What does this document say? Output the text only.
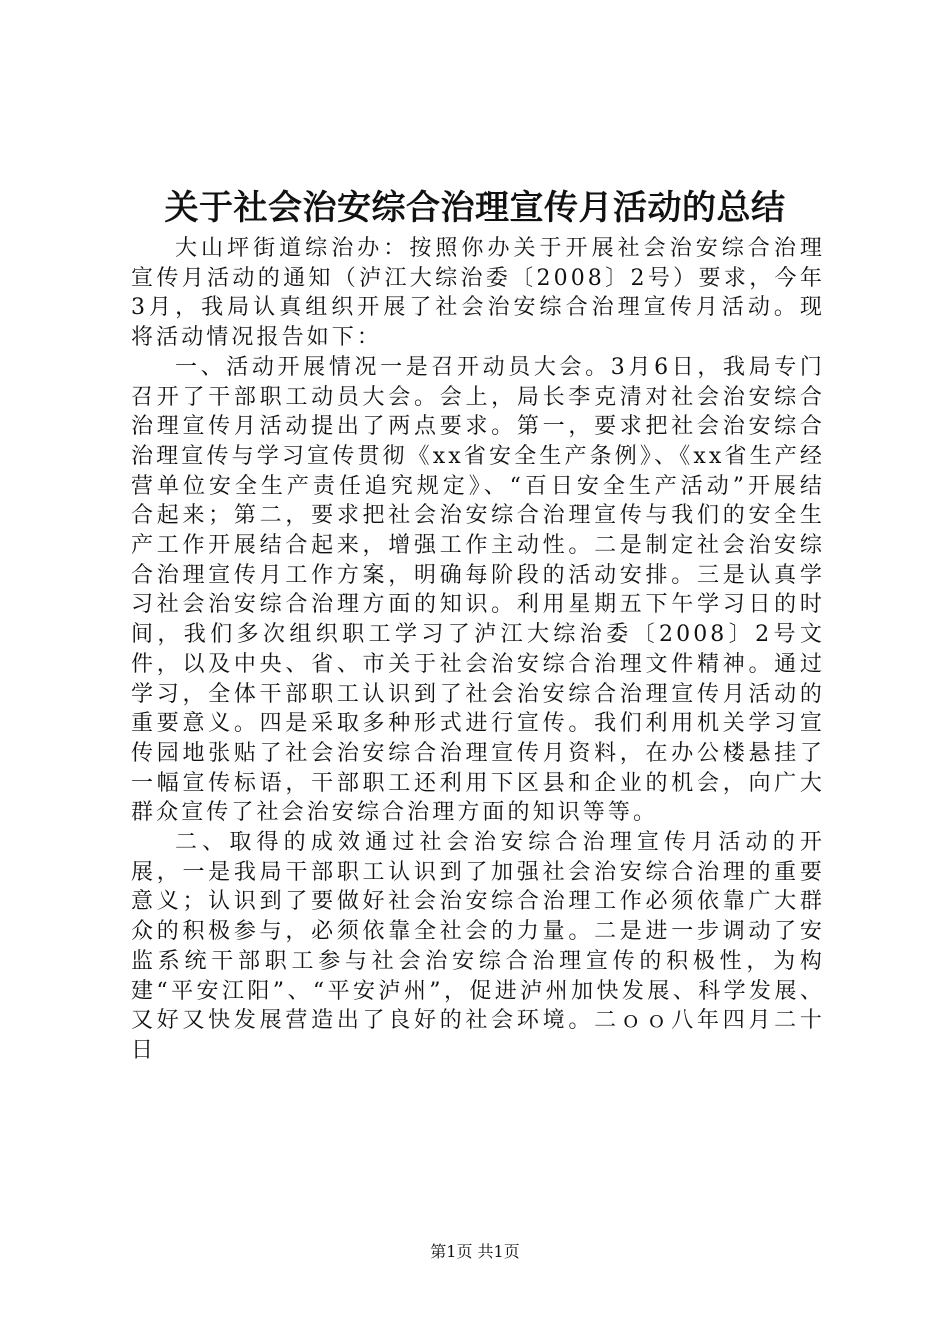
关于社会治安综合治理宣传月活动的总结

大山坪街道综治办：按照你办关于开展社会治安综合治理宣传月活动的通知（泸江大综治委〔2008〕2号）要求，今年3月，我局认真组织开展了社会治安综合治理宣传月活动。现将活动情况报告如下：

一、活动开展情况一是召开动员大会。3月6日，我局专门召开了干部职工动员大会。会上，局长李克清对社会治安综合治理宣传月活动提出了两点要求。第一，要求把社会治安综合治理宣传与学习宣传贯彻《xx省安全生产条例》、《xx省生产经营单位安全生产责任追究规定》、“百日安全生产活动”开展结合起来；第二，要求把社会治安综合治理宣传与我们的安全生产工作开展结合起来，增强工作主动性。二是制定社会治安综合治理宣传月工作方案，明确每阶段的活动安排。三是认真学习社会治安综合治理方面的知识。利用星期五下午学习日的时间，我们多次组织职工学习了泸江大综治委〔2008〕2号文件，以及中央、省、市关于社会治安综合治理文件精神。通过学习，全体干部职工认识到了社会治安综合治理宣传月活动的重要意义。四是采取多种形式进行宣传。我们利用机关学习宣传园地张贴了社会治安综合治理宣传月资料，在办公楼悬挂了一幅宣传标语，干部职工还利用下区县和企业的机会，向广大群众宣传了社会治安综合治理方面的知识等等。

二、取得的成效通过社会治安综合治理宣传月活动的开展，一是我局干部职工认识到了加强社会治安综合治理的重要意义；认识到了要做好社会治安综合治理工作必须依靠广大群众的积极参与，必须依靠全社会的力量。二是进一步调动了安监系统干部职工参与社会治安综合治理宣传的积极性，为构建“平安江阳”、“平安泸州”，促进泸州加快发展、科学发展、又好又快发展营造出了良好的社会环境。二ｏｏ八年四月二十日

第1页 共1页
